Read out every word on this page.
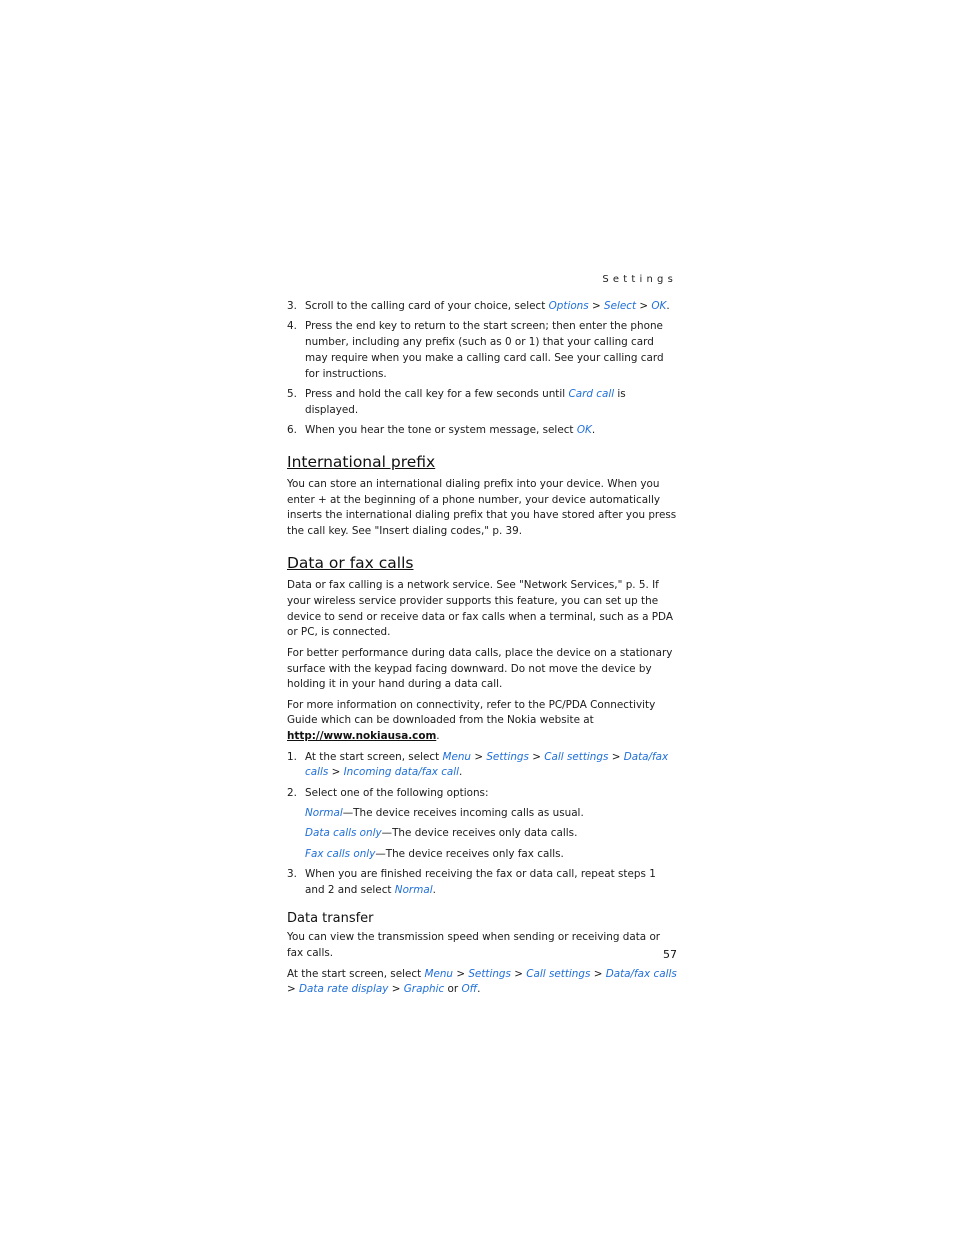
Settings
3. Scroll to the calling card of your choice, select Options > Select > OK.
4. Press the end key to return to the start screen; then enter the phone number, including any prefix (such as 0 or 1) that your calling card may require when you make a calling card call. See your calling card for instructions.
5. Press and hold the call key for a few seconds until Card call is displayed.
6. When you hear the tone or system message, select OK.
International prefix

You can store an international dialing prefix into your device. When you enter + at the beginning of a phone number, your device automatically inserts the international dialing prefix that you have stored after you press the call key. See "Insert dialing codes," p. 39.

Data or fax calls

Data or fax calling is a network service. See "Network Services," p. 5. If your wireless service provider supports this feature, you can set up the device to send or receive data or fax calls when a terminal, such as a PDA or PC, is connected.

For better performance during data calls, place the device on a stationary surface with the keypad facing downward. Do not move the device by holding it in your hand during a data call.

For more information on connectivity, refer to the PC/PDA Connectivity Guide which can be downloaded from the Nokia website at http://www.nokiausa.com.

1. At the start screen, select Menu > Settings > Call settings > Data/fax calls > Incoming data/fax call.
2. Select one of the following options:
Normal—The device receives incoming calls as usual.
Data calls only—The device receives only data calls.
Fax calls only—The device receives only fax calls.
3. When you are finished receiving the fax or data call, repeat steps 1 and 2 and select Normal.
Data transfer

You can view the transmission speed when sending or receiving data or fax calls.

At the start screen, select Menu > Settings > Call settings > Data/fax calls > Data rate display > Graphic or Off.

57
